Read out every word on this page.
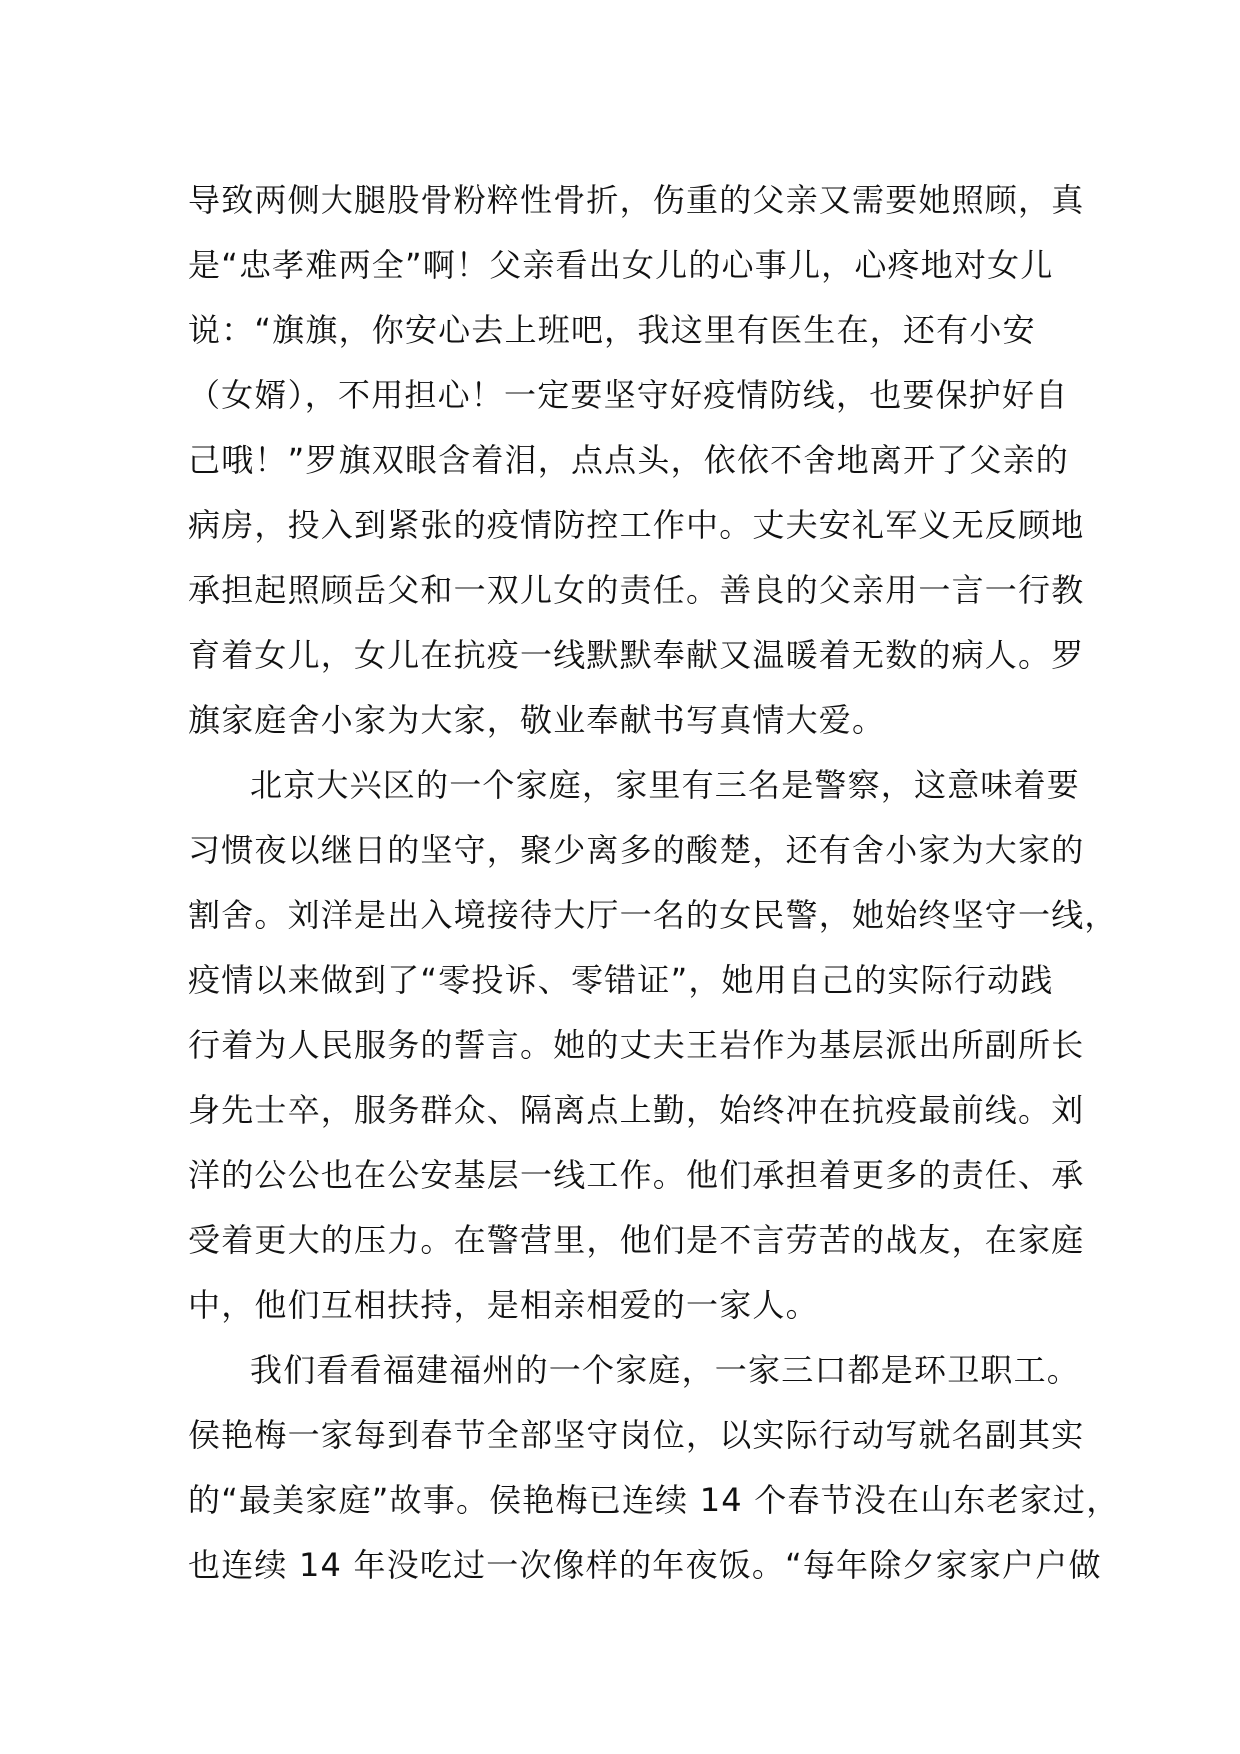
导致两侧大腿股骨粉粹性骨折，伤重的父亲又需要她照顾，真
是“忠孝难两全”啊！父亲看出女儿的心事儿，心疼地对女儿
说：“旗旗，你安心去上班吧，我这里有医生在，还有小安
（女婿），不用担心！一定要坚守好疫情防线，也要保护好自
己哦！”罗旗双眼含着泪，点点头，依依不舍地离开了父亲的
病房，投入到紧张的疫情防控工作中。丈夫安礼军义无反顾地
承担起照顾岳父和一双儿女的责任。善良的父亲用一言一行教
育着女儿，女儿在抗疫一线默默奉献又温暖着无数的病人。罗
旗家庭舍小家为大家，敬业奉献书写真情大爱。
北京大兴区的一个家庭，家里有三名是警察，这意味着要
习惯夜以继日的坚守，聚少离多的酸楚，还有舍小家为大家的
割舍。刘洋是出入境接待大厅一名的女民警，她始终坚守一线，
疫情以来做到了“零投诉、零错证”，她用自己的实际行动践
行着为人民服务的誓言。她的丈夫王岩作为基层派出所副所长
身先士卒，服务群众、隔离点上勤，始终冲在抗疫最前线。刘
洋的公公也在公安基层一线工作。他们承担着更多的责任、承
受着更大的压力。在警营里，他们是不言劳苦的战友，在家庭
中，他们互相扶持，是相亲相爱的一家人。
我们看看福建福州的一个家庭，一家三口都是环卫职工。
侯艳梅一家每到春节全部坚守岗位，以实际行动写就名副其实
的“最美家庭”故事。侯艳梅已连续 14 个春节没在山东老家过，
也连续 14 年没吃过一次像样的年夜饭。“每年除夕家家户户做
